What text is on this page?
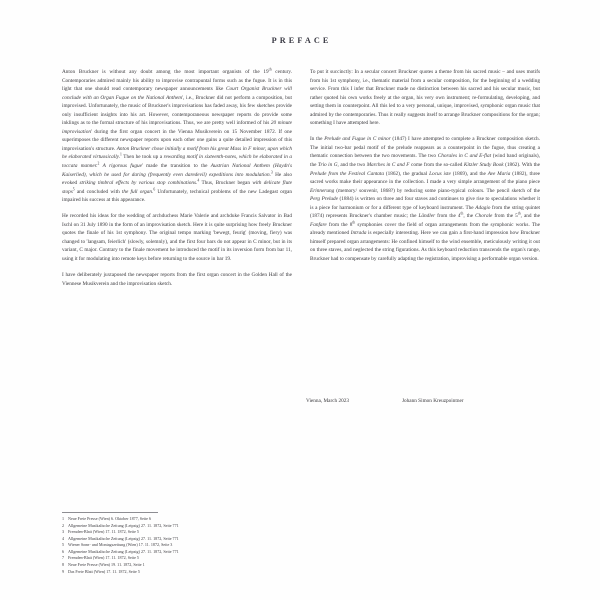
PREFACE

Anton Bruckner is without any doubt among the most important organists of the 19th century. Contemporaries admired mainly his ability to improvise contrapuntal forms such as the fugue. It is in this light that one should read contemporary newspaper announcements like Court Organist Bruckner will conclude with an Organ Fugue on the National Anthem', i.e., Bruckner did not perform a composition, but improvised. Unfortunately, the music of Bruckner's improvisations has faded away, his few sketches provide only insufficient insights into his art. However, contemporaneous newspaper reports do provide some inklings as to the formal structure of his improvisations. Thus, we are pretty well informed of his 20 minute improvisation' during the first organ concert in the Vienna Musikverein on 15 November 1872. If one superimposes the different newspaper reports upon each other one gains a quite detailed impression of this improvisation's structure. Anton Bruckner chose initially a motif from his great Mass in F minor, upon which he elaborated virtuosically.$^1$ Then he took up a rewarding motif in sixteenth-notes, which he elaborated in a toccata manner.$^2$ A rigorous fugue' made the transition to the Austrian National Anthem (Haydn's Kaiserlied), which he used for daring (frequently even daredevil) expeditions into modulation.$^3$ He also evoked striking timbral effects by various stop combinations.$^4$ Thus, Bruckner began with delicate flute stops$^5$ and concluded with the full organ.$^6$ Unfortunately, technical problems of the new Ladegast organ impaired his success at this appearance.

He recorded his ideas for the wedding of archduchess Marie Valerie and archduke Francis Salvator in Bad Ischl on 31 July 1890 in the form of an improvisation sketch. Here it is quite surprising how freely Bruckner quotes the finale of his 1st symphony. The original tempo marking 'bewegt, feurig' (moving, fiery) was changed to 'langsam, feierlich' (slowly, solemnly), and the first four bars do not appear in C minor, but in its variant, C major. Contrary to the finale movement he introduced the motif in its inversion form from bar 11, using it for modulating into remote keys before returning to the source in bar 19.

I have deliberately juxtaposed the newspaper reports from the first organ concert in the Golden Hall of the Viennese Musikverein and the improvisation sketch.

To put it succinctly: In a secular concert Bruckner quotes a theme from his sacred music – and uses motifs from his 1st symphony, i.e., thematic material from a secular composition, for the beginning of a wedding service. From this I infer that Bruckner made no distinction between his sacred and his secular music, but rather quoted his own works freely at the organ, his very own instrument; re-formulating, developing, and setting them in counterpoint. All this led to a very personal, unique, improvised, symphonic organ music that admired by the contemporaries. Thus it really suggests itself to arrange Bruckner compositions for the organ; something I have attempted here.

In the Prelude and Fugue in C minor (1847) I have attempted to complete a Bruckner composition sketch. The initial two-bar pedal motif of the prelude reappears as a counterpoint in the fugue, thus creating a thematic connection between the two movements. The two Chorales in C and E-flat (wind band originals), the Trio in G, and the two Marches in C and F come from the so-called Kitzler Study Book (1862). With the Prelude from the Festival Cantata (1862), the gradual Locus iste (1869), and the Ave Maria (1882), three sacred works make their appearance in the collection. I made a very simple arrangement of the piano piece Erinnerung (memory/ souvenir, 1868?) by reducing some piano-typical colours. The pencil sketch of the Perg Prelude (1884) is written on three and four staves and continues to give rise to speculations whether it is a piece for harmonium or for a different type of keyboard instrument. The Adagio from the string quintet (1874) represents Bruckner's chamber music; the Ländler from the 4th, the Chorale from the 5th, and the Fanfare from the 8th symphonies cover the field of organ arrangements from the symphonic works. The already mentioned Intrada is especially interesting. Here we can gain a first-hand impression how Bruckner himself prepared organ arrangements: He confined himself to the wind ensemble, meticulously writing it out on three staves, and neglected the string figurations. As this keyboard reduction transcends the organ's range, Bruckner had to compensate by carefully adapting the registration, improvising a performable organ version.

Vienna, March 2023	Johann Simon Kreuzpointner
1 Neue Freie Presse (Wien) 6. Oktober 1877, Seite 6
2 Allgemeine Musikalische Zeitung (Leipzig) 27. 11. 1872, Seite 771
3 Fremden-Blatt (Wien) 17. 11. 1872, Seite 5
4 Allgemeine Musikalische Zeitung (Leipzig) 27. 11. 1872, Seite 771
5 Wiener Sonn- und Montagszeitung (Wien) 17. 11. 1872, Seite 3
6 Allgemeine Musikalische Zeitung (Leipzig) 27. 11. 1872, Seite 771
7 Fremden-Blatt (Wien) 17. 11. 1872, Seite 5
8 Neue Freie Presse (Wien) 19. 11. 1872, Seite 1
9 Das Freie Blatt (Wien) 17. 11. 1872, Seite 5
